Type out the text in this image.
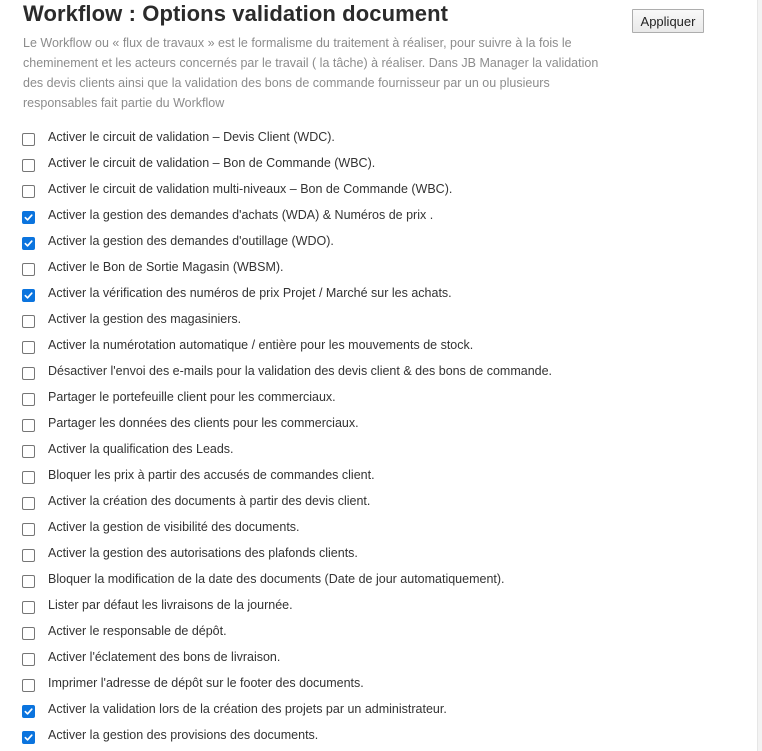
Workflow : Options validation document	Appliquer

Le Workflow ou « flux de travaux » est le formalisme du traitement à réaliser, pour suivre à la fois le cheminement et les acteurs concernés par le travail ( la tâche) à réaliser. Dans JB Manager la validation des devis clients ainsi que la validation des bons de commande fournisseur par un ou plusieurs responsables fait partie du Workflow

Activer le circuit de validation – Devis Client (WDC).
Activer le circuit de validation – Bon de Commande (WBC).
Activer le circuit de validation multi-niveaux – Bon de Commande (WBC).
Activer la gestion des demandes d'achats (WDA) & Numéros de prix .
Activer la gestion des demandes d'outillage (WDO).
Activer le Bon de Sortie Magasin (WBSM).
Activer la vérification des numéros de prix Projet / Marché sur les achats.
Activer la gestion des magasiniers.
Activer la numérotation automatique / entière pour les mouvements de stock.
Désactiver l'envoi des e-mails pour la validation des devis client & des bons de commande.
Partager le portefeuille client pour les commerciaux.
Partager les données des clients pour les commerciaux.
Activer la qualification des Leads.
Bloquer les prix à partir des accusés de commandes client.
Activer la création des documents à partir des devis client.
Activer la gestion de visibilité des documents.
Activer la gestion des autorisations des plafonds clients.
Bloquer la modification de la date des documents (Date de jour automatiquement).
Lister par défaut les livraisons de la journée.
Activer le responsable de dépôt.
Activer l'éclatement des bons de livraison.
Imprimer l'adresse de dépôt sur le footer des documents.
Activer la validation lors de la création des projets par un administrateur.
Activer la gestion des provisions des documents.
